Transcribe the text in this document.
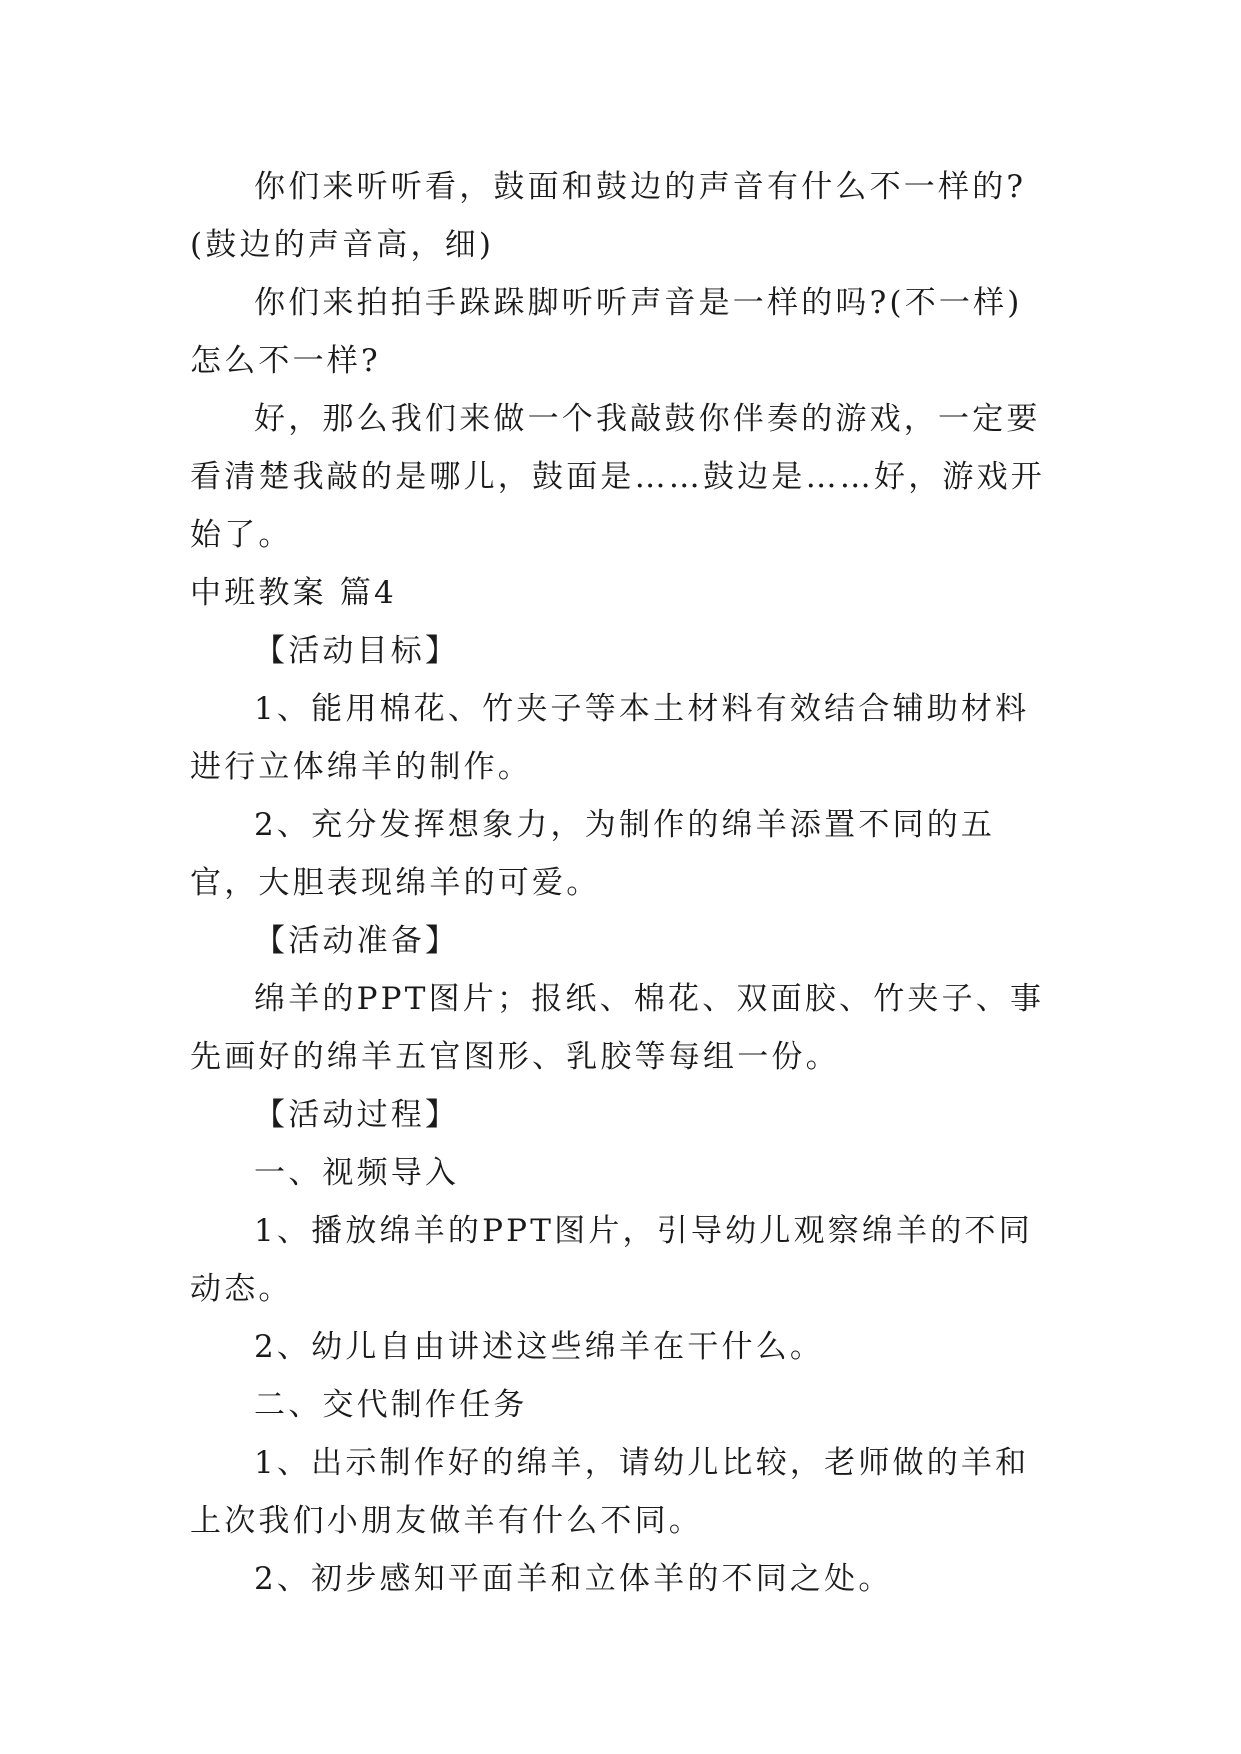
你们来听听看，鼓面和鼓边的声音有什么不一样的?(鼓边的声音高，细)

你们来拍拍手跺跺脚听听声音是一样的吗?(不一样)怎么不一样?

好，那么我们来做一个我敲鼓你伴奏的游戏，一定要看清楚我敲的是哪儿，鼓面是……鼓边是……好，游戏开始了。

中班教案 篇4

【活动目标】

1、能用棉花、竹夹子等本土材料有效结合辅助材料进行立体绵羊的制作。

2、充分发挥想象力，为制作的绵羊添置不同的五官，大胆表现绵羊的可爱。

【活动准备】

绵羊的PPT图片；报纸、棉花、双面胶、竹夹子、事先画好的绵羊五官图形、乳胶等每组一份。

【活动过程】

一、视频导入

1、播放绵羊的PPT图片，引导幼儿观察绵羊的不同动态。

2、幼儿自由讲述这些绵羊在干什么。

二、交代制作任务

1、出示制作好的绵羊，请幼儿比较，老师做的羊和上次我们小朋友做羊有什么不同。

2、初步感知平面羊和立体羊的不同之处。
